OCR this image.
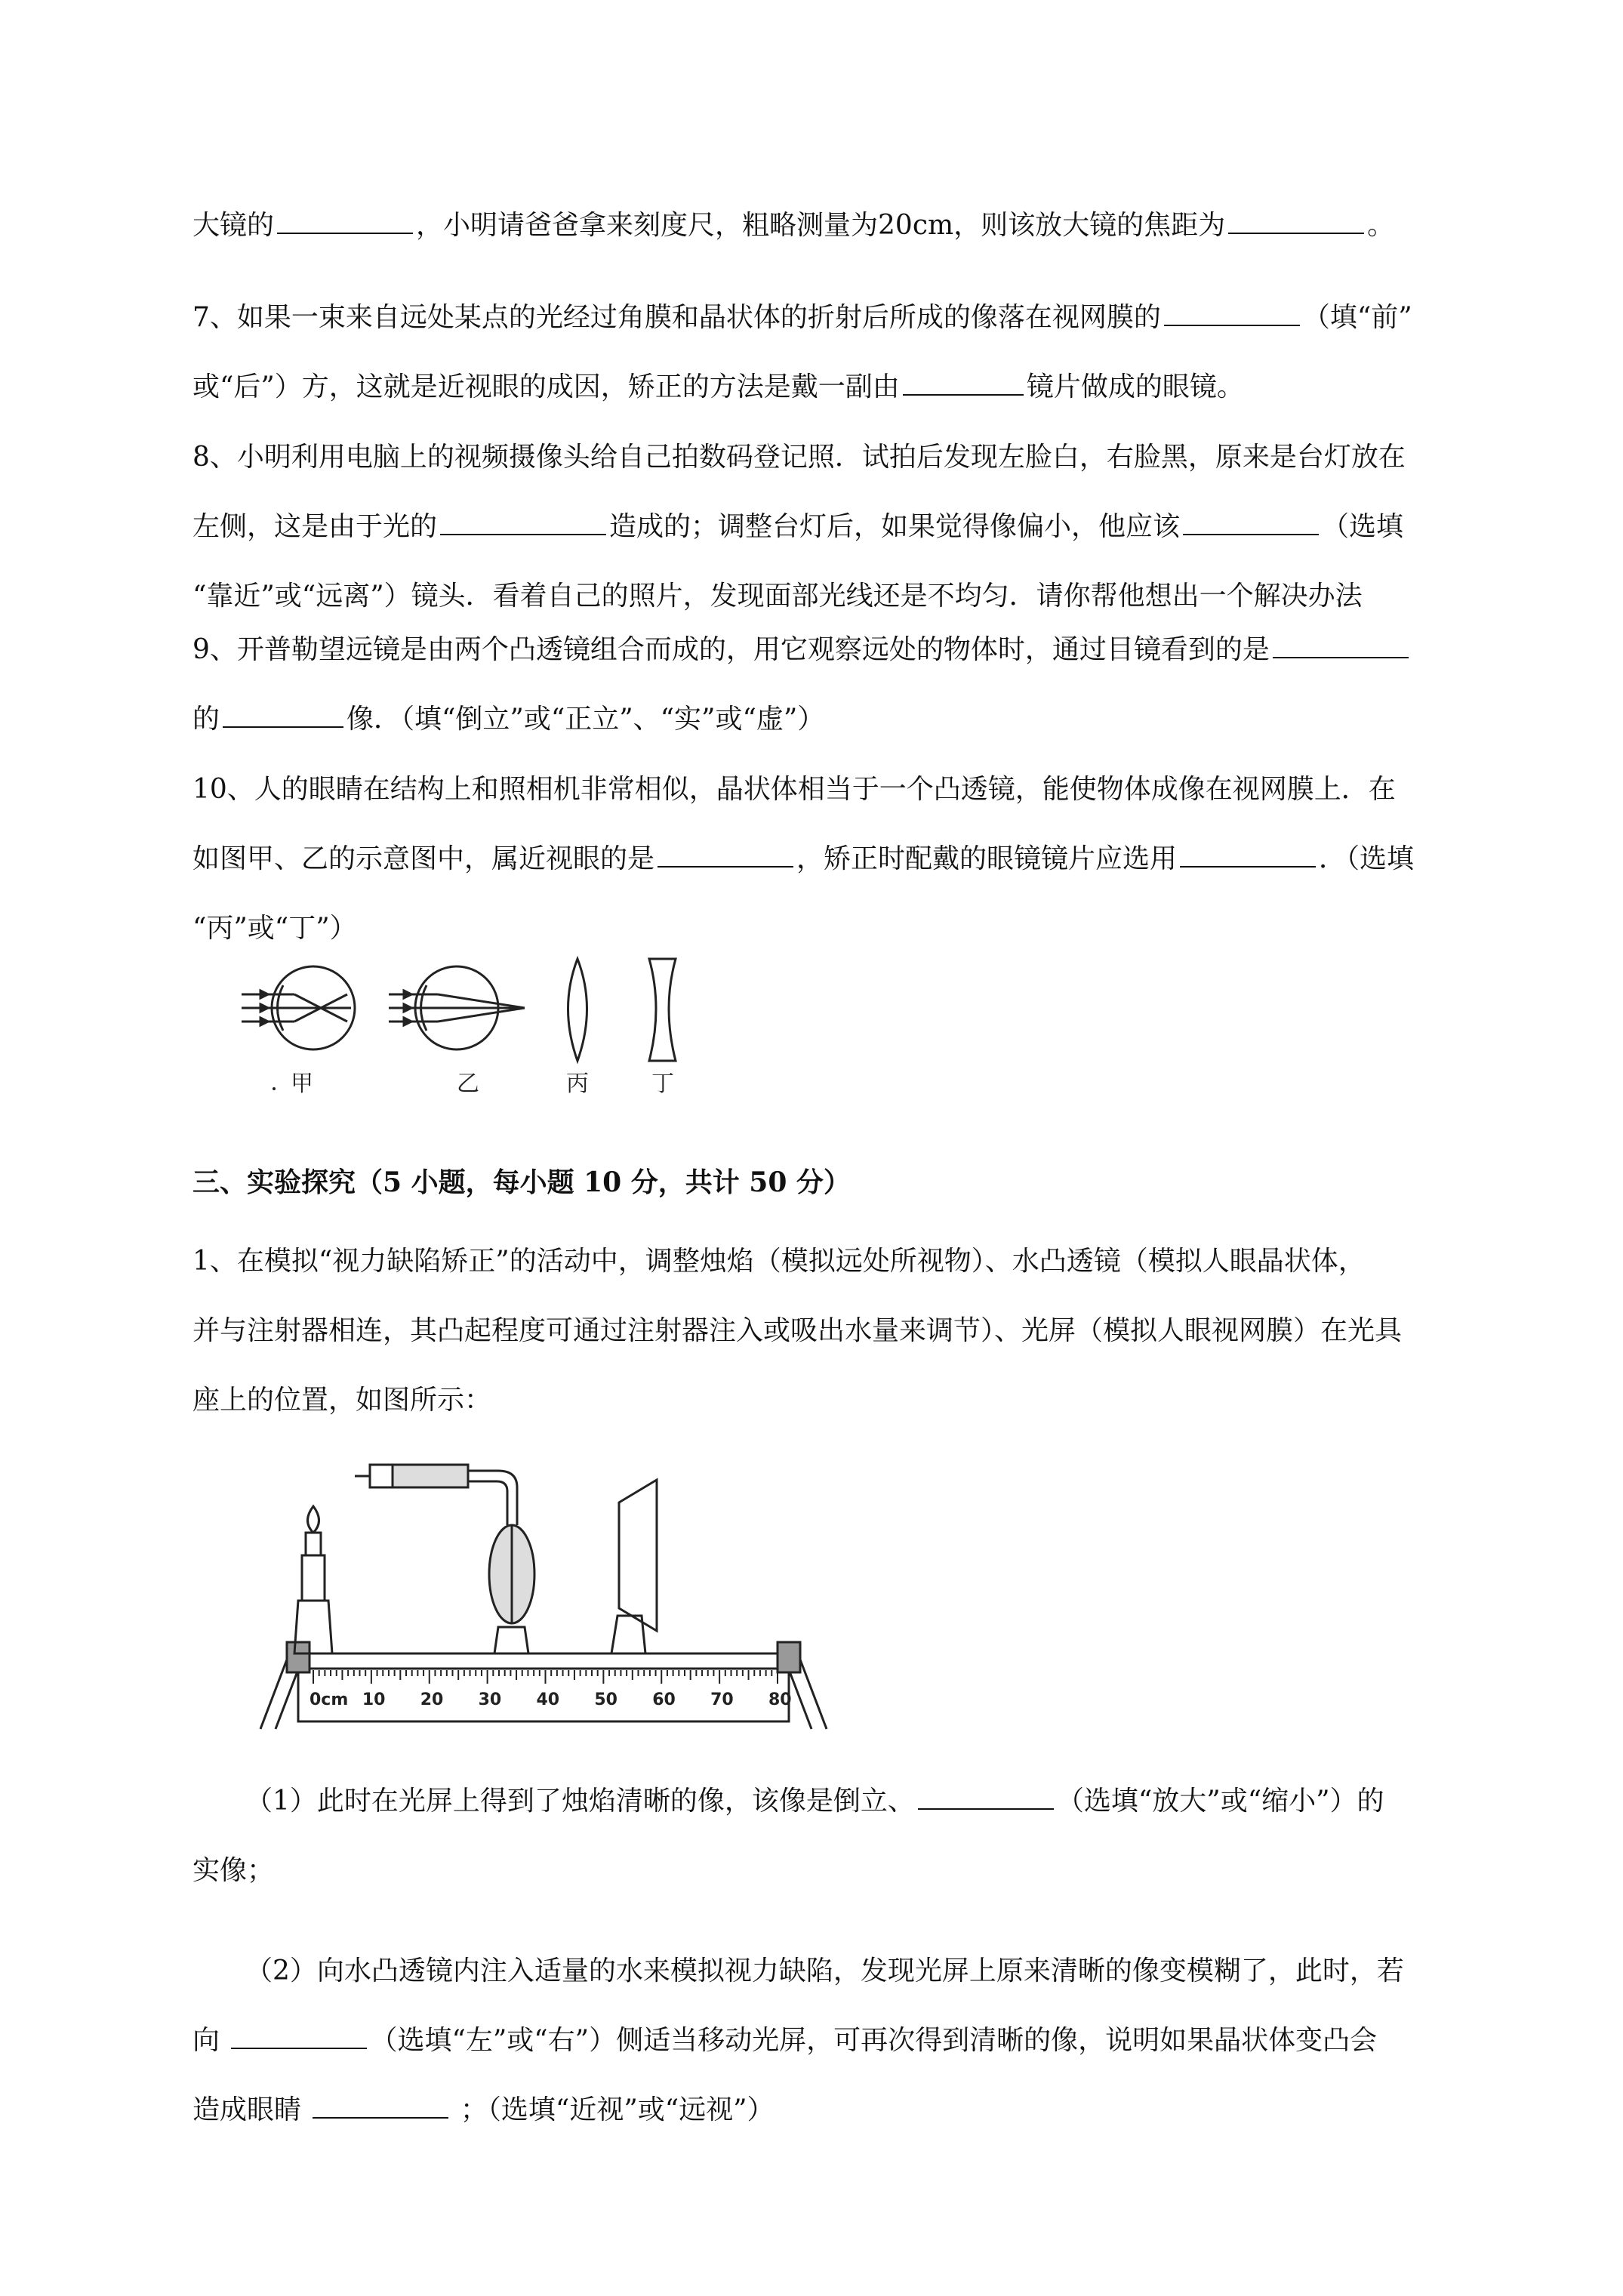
大镜的	，小明请爸爸拿来刻度尺，粗略测量为20cm，则该放大镜的焦距为	。
7、如果一束来自远处某点的光经过角膜和晶状体的折射后所成的像落在视网膜的	（填“前”
或“后”）方，这就是近视眼的成因，矫正的方法是戴一副由	镜片做成的眼镜。
8、小明利用电脑上的视频摄像头给自己拍数码登记照．试拍后发现左脸白，右脸黑，原来是台灯放在
左侧，这是由于光的	造成的；调整台灯后，如果觉得像偏小，他应该	（选填
“靠近”或“远离”）镜头．看着自己的照片，发现面部光线还是不均匀．请你帮他想出一个解决办法
9、开普勒望远镜是由两个凸透镜组合而成的，用它观察远处的物体时，通过目镜看到的是
的	像．（填“倒立”或“正立”、“实”或“虚”）
10、人的眼睛在结构上和照相机非常相似，晶状体相当于一个凸透镜，能使物体成像在视网膜上．在
如图甲、乙的示意图中，属近视眼的是	，矫正时配戴的眼镜镜片应选用	．（选填
“丙”或“丁”）
甲	乙	丙	丁
三、实验探究（5 小题，每小题 10 分，共计 50 分）
1、在模拟“视力缺陷矫正”的活动中，调整烛焰（模拟远处所视物）、水凸透镜（模拟人眼晶状体，
并与注射器相连，其凸起程度可通过注射器注入或吸出水量来调节）、光屏（模拟人眼视网膜）在光具
座上的位置，如图所示：
0cm 10 20 30 40 50 60 70 80
（1）此时在光屏上得到了烛焰清晰的像，该像是倒立、	（选填“放大”或“缩小”）的
实像；
（2）向水凸透镜内注入适量的水来模拟视力缺陷，发现光屏上原来清晰的像变模糊了，此时，若
向	（选填“左”或“右”）侧适当移动光屏，可再次得到清晰的像，说明如果晶状体变凸会
造成眼睛	；（选填“近视”或“远视”）
